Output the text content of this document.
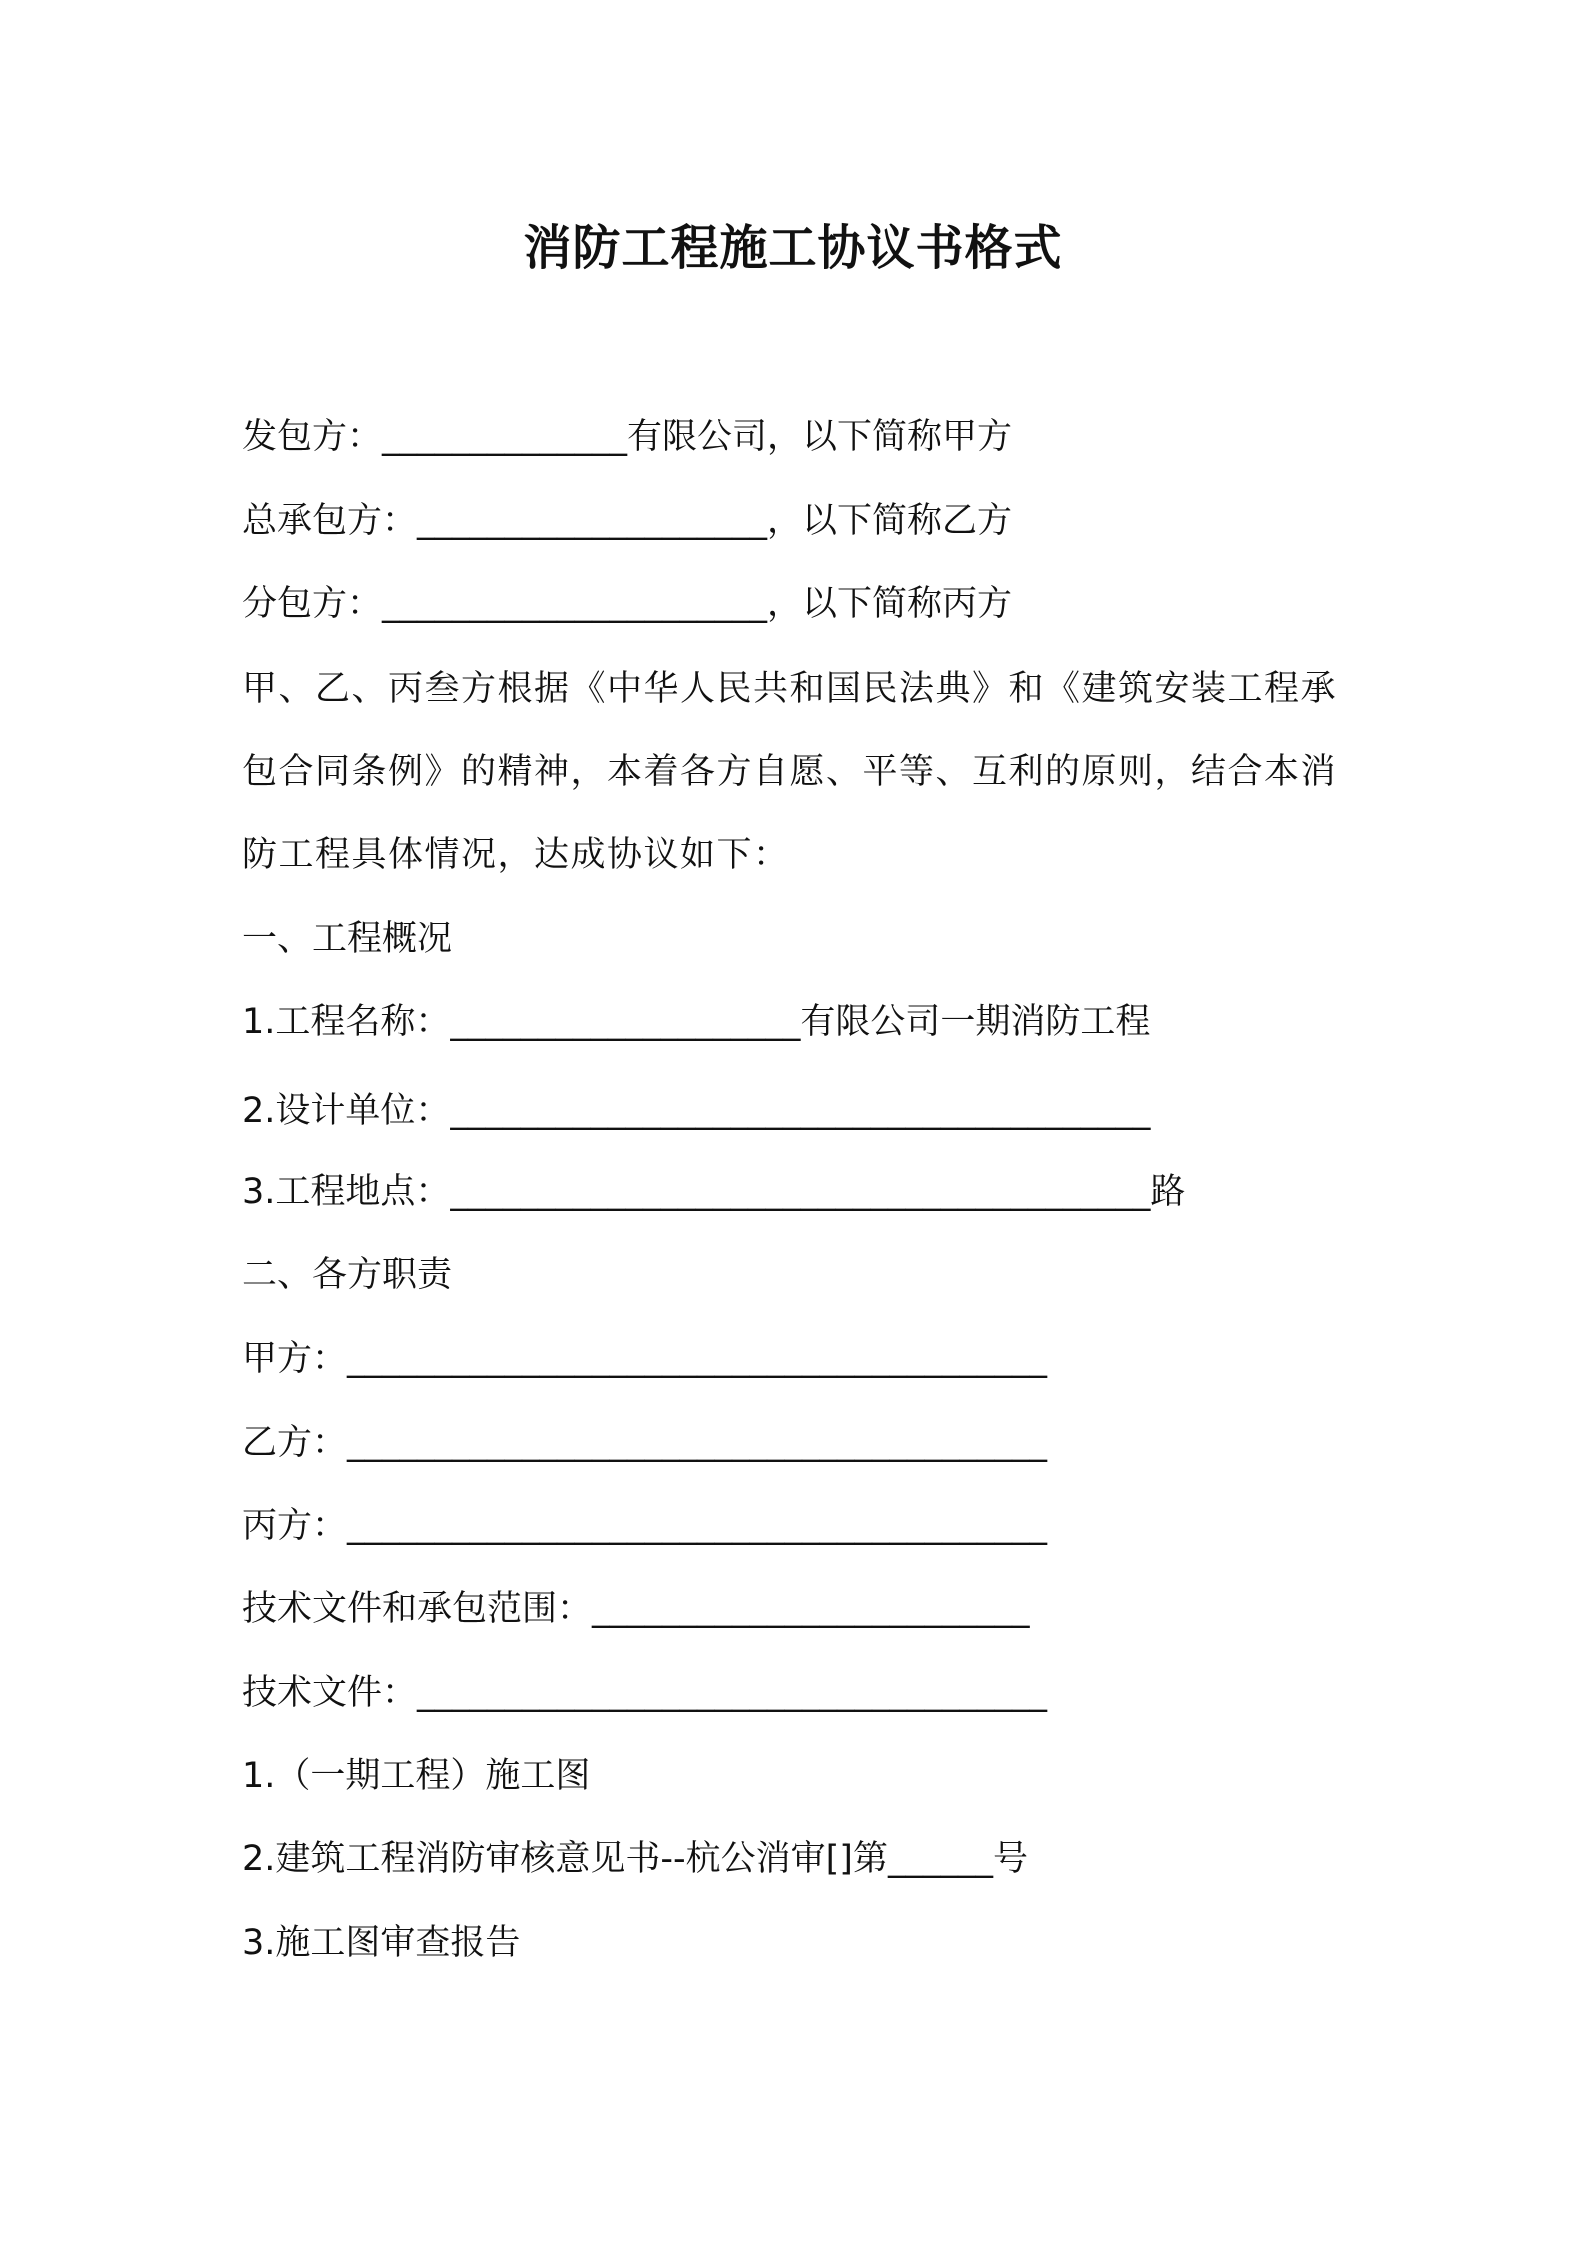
消防工程施工协议书格式
发包方：______________有限公司，以下简称甲方
总承包方：____________________，以下简称乙方
分包方：______________________，以下简称丙方
甲、乙、丙叁方根据《中华人民共和国民法典》和《建筑安装工程承包合同条例》的精神，本着各方自愿、平等、互利的原则，结合本消防工程具体情况，达成协议如下：
一、工程概况
1.工程名称：____________________有限公司一期消防工程
2.设计单位：________________________________________
3.工程地点：________________________________________路
二、各方职责
甲方：________________________________________
乙方：________________________________________
丙方：________________________________________
技术文件和承包范围：_________________________
技术文件：____________________________________
1.（一期工程）施工图
2.建筑工程消防审核意见书--杭公消审[]第______号
3.施工图审查报告
